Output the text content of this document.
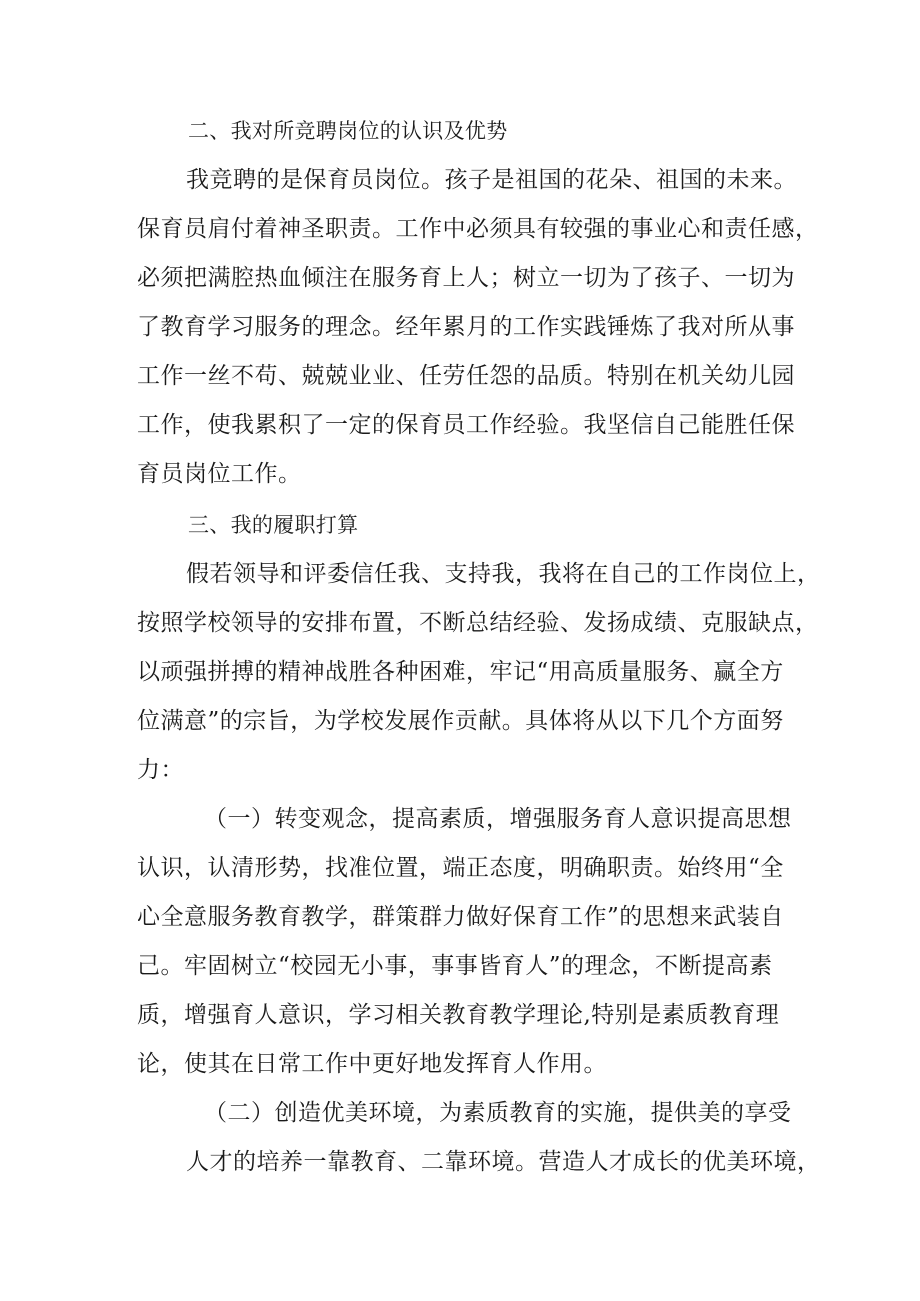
二、我对所竞聘岗位的认识及优势
我竞聘的是保育员岗位。孩子是祖国的花朵、祖国的未来。
保育员肩付着神圣职责。工作中必须具有较强的事业心和责任感，
必须把满腔热血倾注在服务育上人；树立一切为了孩子、一切为
了教育学习服务的理念。经年累月的工作实践锤炼了我对所从事
工作一丝不苟、兢兢业业、任劳任怨的品质。特别在机关幼儿园
工作，使我累积了一定的保育员工作经验。我坚信自己能胜任保
育员岗位工作。
三、我的履职打算
假若领导和评委信任我、支持我，我将在自己的工作岗位上，
按照学校领导的安排布置，不断总结经验、发扬成绩、克服缺点，
以顽强拼搏的精神战胜各种困难，牢记“用高质量服务、赢全方
位满意”的宗旨，为学校发展作贡献。具体将从以下几个方面努
力：
（一）转变观念，提高素质，增强服务育人意识提高思想
认识，认清形势，找准位置，端正态度，明确职责。始终用“全
心全意服务教育教学，群策群力做好保育工作”的思想来武装自
己。牢固树立“校园无小事，事事皆育人”的理念，不断提高素
质，增强育人意识，学习相关教育教学理论,特别是素质教育理
论，使其在日常工作中更好地发挥育人作用。
（二）创造优美环境，为素质教育的实施，提供美的享受
人才的培养一靠教育、二靠环境。营造人才成长的优美环境，
